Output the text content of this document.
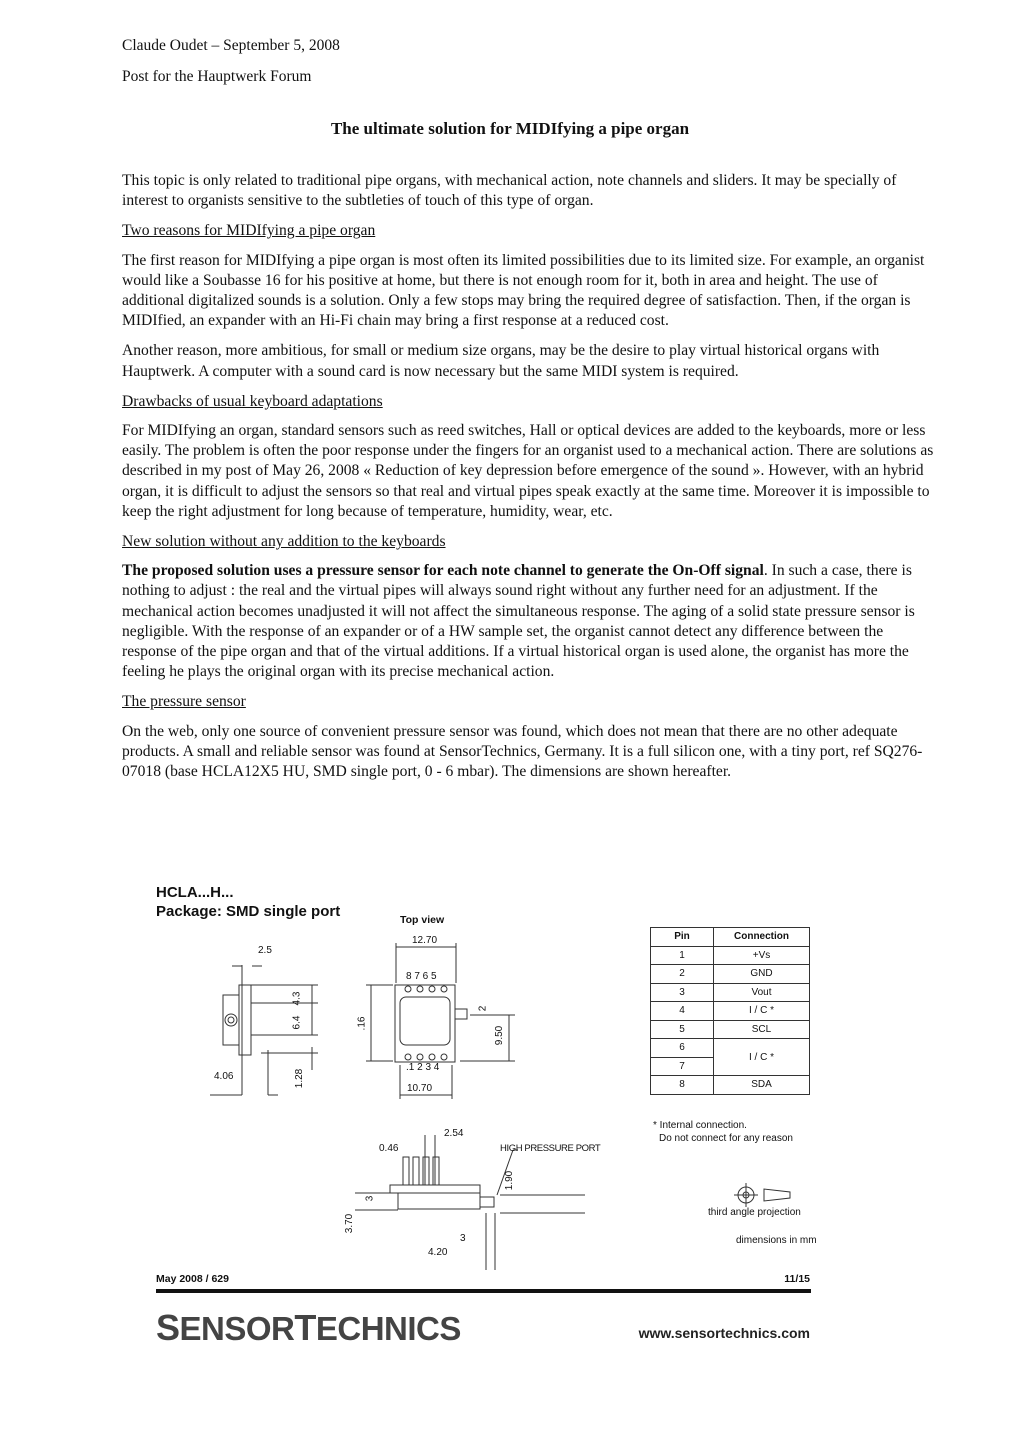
Claude Oudet – September 5, 2008
Post for the Hauptwerk Forum
The ultimate solution for MIDIfying a pipe organ

This topic is only related to traditional pipe organs, with mechanical action, note channels and sliders. It may be specially of interest to organists sensitive to the subtleties of touch of this type of organ.

Two reasons for MIDIfying a pipe organ

The first reason for MIDIfying a pipe organ is most often its limited possibilities due to its limited size. For example, an organist would like a Soubasse 16 for his positive at home, but there is not enough room for it, both in area and height. The use of additional digitalized sounds is a solution. Only a few stops may bring the required degree of satisfaction. Then, if the organ is MIDIfied, an expander with an Hi-Fi chain may bring a first response at a reduced cost.

Another reason, more ambitious, for small or medium size organs, may be the desire to play virtual historical organs with Hauptwerk. A computer with a sound card is now necessary but the same MIDI system is required.

Drawbacks of usual keyboard adaptations

For MIDIfying an organ, standard sensors such as reed switches, Hall or optical devices are added to the keyboards, more or less easily. The problem is often the poor response under the fingers for an organist used to a mechanical action. There are solutions as described in my post of May 26, 2008 « Reduction of key depression before emergence of the sound ». However, with an hybrid organ, it is difficult to adjust the sensors so that real and virtual pipes speak exactly at the same time. Moreover it is impossible to keep the right adjustment for long because of temperature, humidity, wear, etc.

New solution without any addition to the keyboards

The proposed solution uses a pressure sensor for each note channel to generate the On-Off signal. In such a case, there is nothing to adjust : the real and the virtual pipes will always sound right without any further need for an adjustment. If the mechanical action becomes unadjusted it will not affect the simultaneous response. The aging of a solid state pressure sensor is negligible. With the response of an expander or of a HW sample set, the organist cannot detect any difference between the response of the pipe organ and that of the virtual additions. If a virtual historical organ is used alone, the organist has more the feeling he plays the original organ with its precise mechanical action.

The pressure sensor

On the web, only one source of convenient pressure sensor was found, which does not mean that there are no other adequate products. A small and reliable sensor was found at SensorTechnics, Germany. It is a full silicon one, with a tiny port, ref SQ276-07018 (base HCLA12X5 HU, SMD single port, 0 - 6 mbar). The dimensions are shown hereafter.

HCLA...H...
Package: SMD single port	Top view
2.5
12.70
8 7 6 5
4.3
6.4	.16
2
9.50
.1 2 3 4
4.06	1.28
10.70
0.46
2.54
1.90
3
3.70
3
4.20
HIGH PRESSURE PORT
Pin	Connection
1	+Vs
2	GND
3	Vout
4	I / C *
5	SCL
6	I / C *
7	
8	SDA
* Internal connection.
Do not connect for any reason
third angle projection
dimensions in mm
May 2008 / 629	11/15
SENSORTECHNICS	www.sensortechnics.com
